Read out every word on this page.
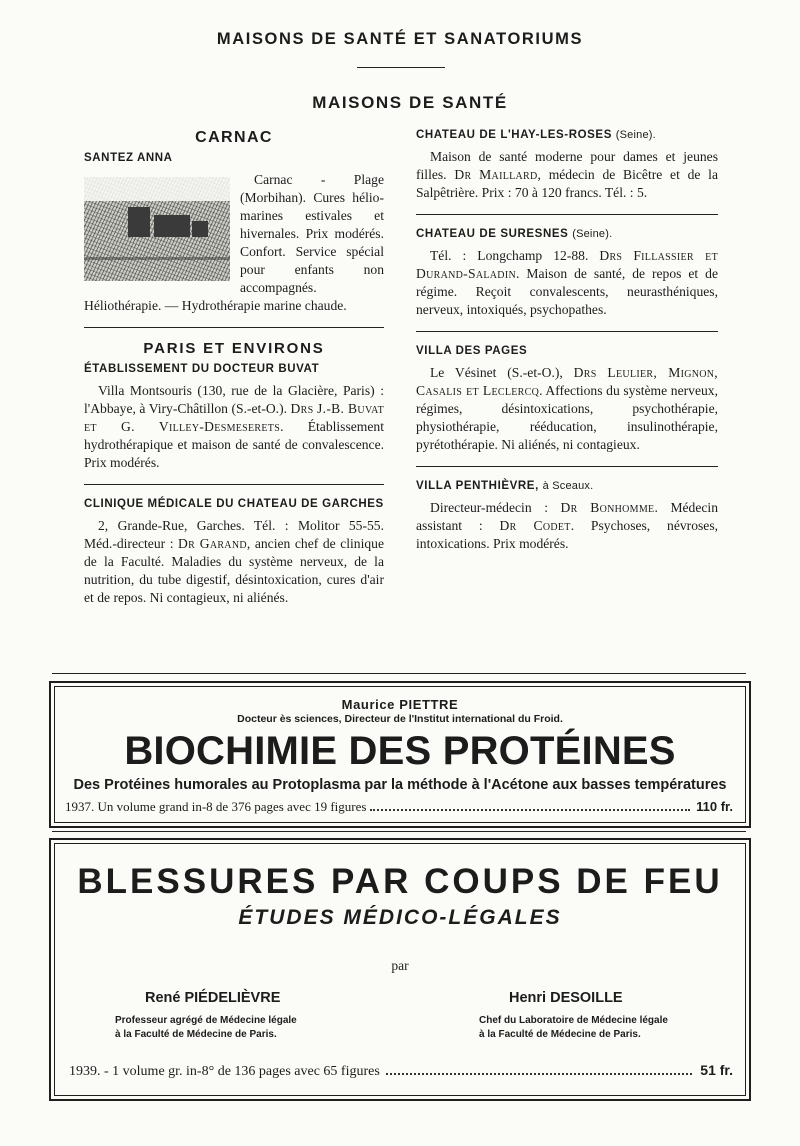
MAISONS DE SANTÉ ET SANATORIUMS
MAISONS DE SANTÉ
CARNAC
SANTEZ ANNA

Carnac - Plage (Morbihan). Cures hélio-marines estivales et hivernales. Prix modérés. Confort. Service spécial pour enfants non accompagnés. Héliothérapie. — Hydrothérapie marine chaude.

PARIS ET ENVIRONS
ÉTABLISSEMENT DU DOCTEUR BUVAT

Villa Montsouris (130, rue de la Glacière, Paris) : l'Abbaye, à Viry-Châtillon (S.-et-O.). Drs J.-B. Buvat et G. Villey-Desmeserets. Établissement hydrothérapique et maison de santé de convalescence. Prix modérés.

CLINIQUE MÉDICALE DU CHATEAU DE GARCHES

2, Grande-Rue, Garches. Tél. : Molitor 55-55. Méd.-directeur : Dr Garand, ancien chef de clinique de la Faculté. Maladies du système nerveux, de la nutrition, du tube digestif, désintoxication, cures d'air et de repos. Ni contagieux, ni aliénés.

CHATEAU DE L'HAY-LES-ROSES (Seine).

Maison de santé moderne pour dames et jeunes filles. Dr Maillard, médecin de Bicêtre et de la Salpêtrière. Prix : 70 à 120 francs. Tél. : 5.

CHATEAU DE SURESNES (Seine).

Tél. : Longchamp 12-88. Drs Fillassier et Durand-Saladin. Maison de santé, de repos et de régime. Reçoit convalescents, neurasthéniques, nerveux, intoxiqués, psychopathes.

VILLA DES PAGES

Le Vésinet (S.-et-O.), Drs Leulier, Mignon, Casalis et Leclercq. Affections du système nerveux, régimes, désintoxications, psychothérapie, physiothérapie, rééducation, insulinothérapie, pyrétothérapie. Ni aliénés, ni contagieux.

VILLA PENTHIÈVRE, à Sceaux.

Directeur-médecin : Dr Bonhomme. Médecin assistant : Dr Codet. Psychoses, névroses, intoxications. Prix modérés.

Maurice PIETTRE
Docteur ès sciences, Directeur de l'Institut international du Froid.
BIOCHIMIE DES PROTÉINES
Des Protéines humorales au Protoplasma par la méthode à l'Acétone aux basses températures
1937. Un volume grand in-8 de 376 pages avec 19 figures	110 fr.
BLESSURES PAR COUPS DE FEU
ÉTUDES MÉDICO-LÉGALES
par
René PIÉDELIÈVRE
Professeur agrégé de Médecine légale
à la Faculté de Médecine de Paris.
Henri DESOILLE
Chef du Laboratoire de Médecine légale
à la Faculté de Médecine de Paris.
1939. - 1 volume gr. in-8° de 136 pages avec 65 figures	51 fr.
